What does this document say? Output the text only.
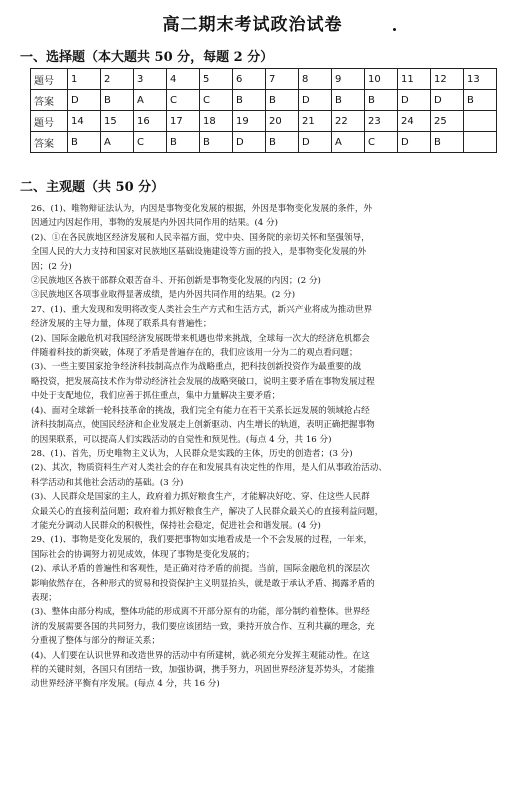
高二期末考试政治试卷
一、选择题（本大题共 50 分，每题 2 分）
题号	1	2	3	4	5	6	7	8	9	10	11	12	13
答案	D	B	A	C	C	B	B	D	B	B	D	D	B
题号	14	15	16	17	18	19	20	21	22	23	24	25	
答案	B	A	C	B	B	D	B	D	A	C	D	B	
二、主观题（共 50 分）
26、(1)、唯物辩证法认为，内因是事物变化发展的根据，外因是事物变化发展的条件，外
因通过内因起作用，事物的发展是内外因共同作用的结果。(4 分)
(2)、①在各民族地区经济发展和人民幸福方面，党中央、国务院的亲切关怀和坚强领导，
全国人民的大力支持和国家对民族地区基础设施建设等方面的投入，是事物变化发展的外
因；(2 分)
②民族地区各族干部群众艰苦奋斗、开拓创新是事物变化发展的内因；(2 分)
③民族地区各项事业取得显著成绩，是内外因共同作用的结果。(2 分)
27、(1)、重大发现和发明将改变人类社会生产方式和生活方式，新兴产业将成为推动世界
经济发展的主导力量，体现了联系具有普遍性；
(2)、国际金融危机对我国经济发展既带来机遇也带来挑战，全球每一次大的经济危机都会
伴随着科技的新突破，体现了矛盾是普遍存在的，我们应该用一分为二的观点看问题；
(3)、一些主要国家抢争经济科技制高点作为战略重点，把科技创新投资作为最重要的战
略投资，把发展高技术作为带动经济社会发展的战略突破口，说明主要矛盾在事物发展过程
中处于支配地位，我们应善于抓住重点，集中力量解决主要矛盾；
(4)、面对全球新一轮科技革命的挑战，我们完全有能力在若干关系长远发展的领域抢占经
济科技制高点，使国民经济和企业发展走上创新驱动、内生增长的轨道，表明正确把握事物
的因果联系，可以提高人们实践活动的自觉性和预见性。(每点 4 分，共 16 分)
28、(1)、首先，历史唯物主义认为，人民群众是实践的主体，历史的创造者；(3 分)
(2)、其次，物质资料生产对人类社会的存在和发展具有决定性的作用，是人们从事政治活动、
科学活动和其他社会活动的基础。(3 分)
(3)、人民群众是国家的主人，政府着力抓好粮食生产，才能解决好吃、穿、住这些人民群
众最关心的直接利益问题；政府着力抓好粮食生产，解决了人民群众最关心的直接利益问题，
才能充分调动人民群众的积极性，保持社会稳定，促进社会和谐发展。(4 分)
29、(1)、事物是变化发展的，我们要把事物如实地看成是一个不会发展的过程，一年来，
国际社会的协调努力初见成效，体现了事物是变化发展的；
(2)、承认矛盾的普遍性和客观性，是正确对待矛盾的前提。当前，国际金融危机的深层次
影响依然存在，各种形式的贸易和投资保护主义明显抬头，就是敢于承认矛盾、揭露矛盾的
表现；
(3)、整体由部分构成，整体功能的形成离不开部分原有的功能，部分制约着整体。世界经
济的发展需要各国的共同努力，我们要应该团结一致，秉持开放合作、互利共赢的理念，充
分重视了整体与部分的辩证关系；
(4)、人们要在认识世界和改造世界的活动中有所建树，就必须充分发挥主观能动性。在这
样的关键时刻，各国只有团结一致，加强协调，携手努力，巩固世界经济复苏势头，才能推
动世界经济平衡有序发展。(每点 4 分，共 16 分)
